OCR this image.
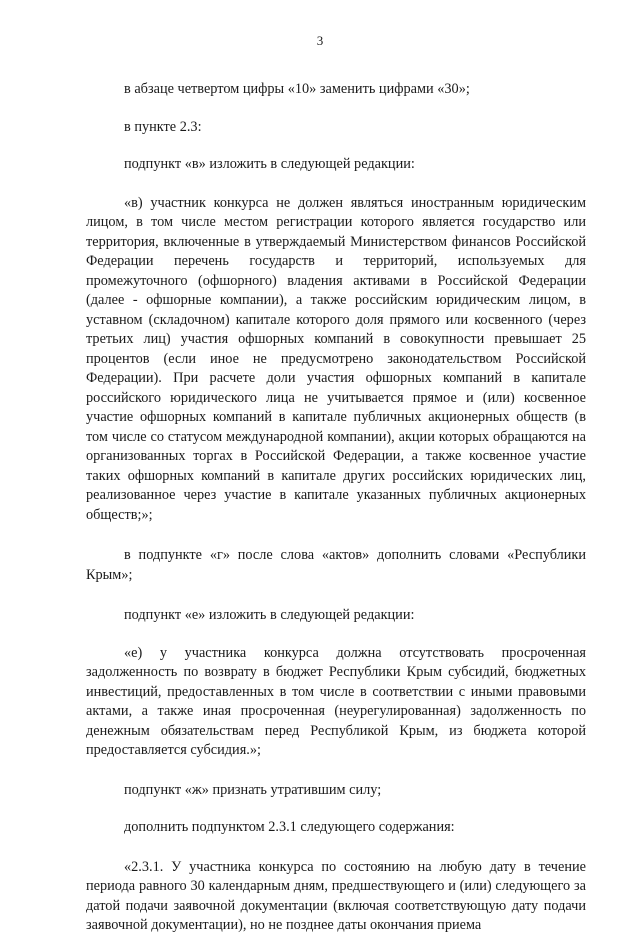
3

в абзаце четвертом цифры «10» заменить цифрами «30»;

в пункте 2.3:

подпункт «в» изложить в следующей редакции:

«в) участник конкурса не должен являться иностранным юридическим лицом, в том числе местом регистрации которого является государство или территория, включенные в утверждаемый Министерством финансов Российской Федерации перечень государств и территорий, используемых для промежуточного (офшорного) владения активами в Российской Федерации (далее - офшорные компании), а также российским юридическим лицом, в уставном (складочном) капитале которого доля прямого или косвенного (через третьих лиц) участия офшорных компаний в совокупности превышает 25 процентов (если иное не предусмотрено законодательством Российской Федерации). При расчете доли участия офшорных компаний в капитале российского юридического лица не учитывается прямое и (или) косвенное участие офшорных компаний в капитале публичных акционерных обществ (в том числе со статусом международной компании), акции которых обращаются на организованных торгах в Российской Федерации, а также косвенное участие таких офшорных компаний в капитале других российских юридических лиц, реализованное через участие в капитале указанных публичных акционерных обществ;»;

в подпункте «г» после слова «актов» дополнить словами «Республики Крым»;

подпункт «е» изложить в следующей редакции:

«е) у участника конкурса должна отсутствовать просроченная задолженность по возврату в бюджет Республики Крым субсидий, бюджетных инвестиций, предоставленных в том числе в соответствии с иными правовыми актами, а также иная просроченная (неурегулированная) задолженность по денежным обязательствам перед Республикой Крым, из бюджета которой предоставляется субсидия.»;

подпункт «ж» признать утратившим силу;

дополнить подпунктом 2.3.1 следующего содержания:

«2.3.1. У участника конкурса по состоянию на любую дату в течение периода равного 30 календарным дням, предшествующего и (или) следующего за датой подачи заявочной документации (включая соответствующую дату подачи заявочной документации), но не позднее даты окончания приема
